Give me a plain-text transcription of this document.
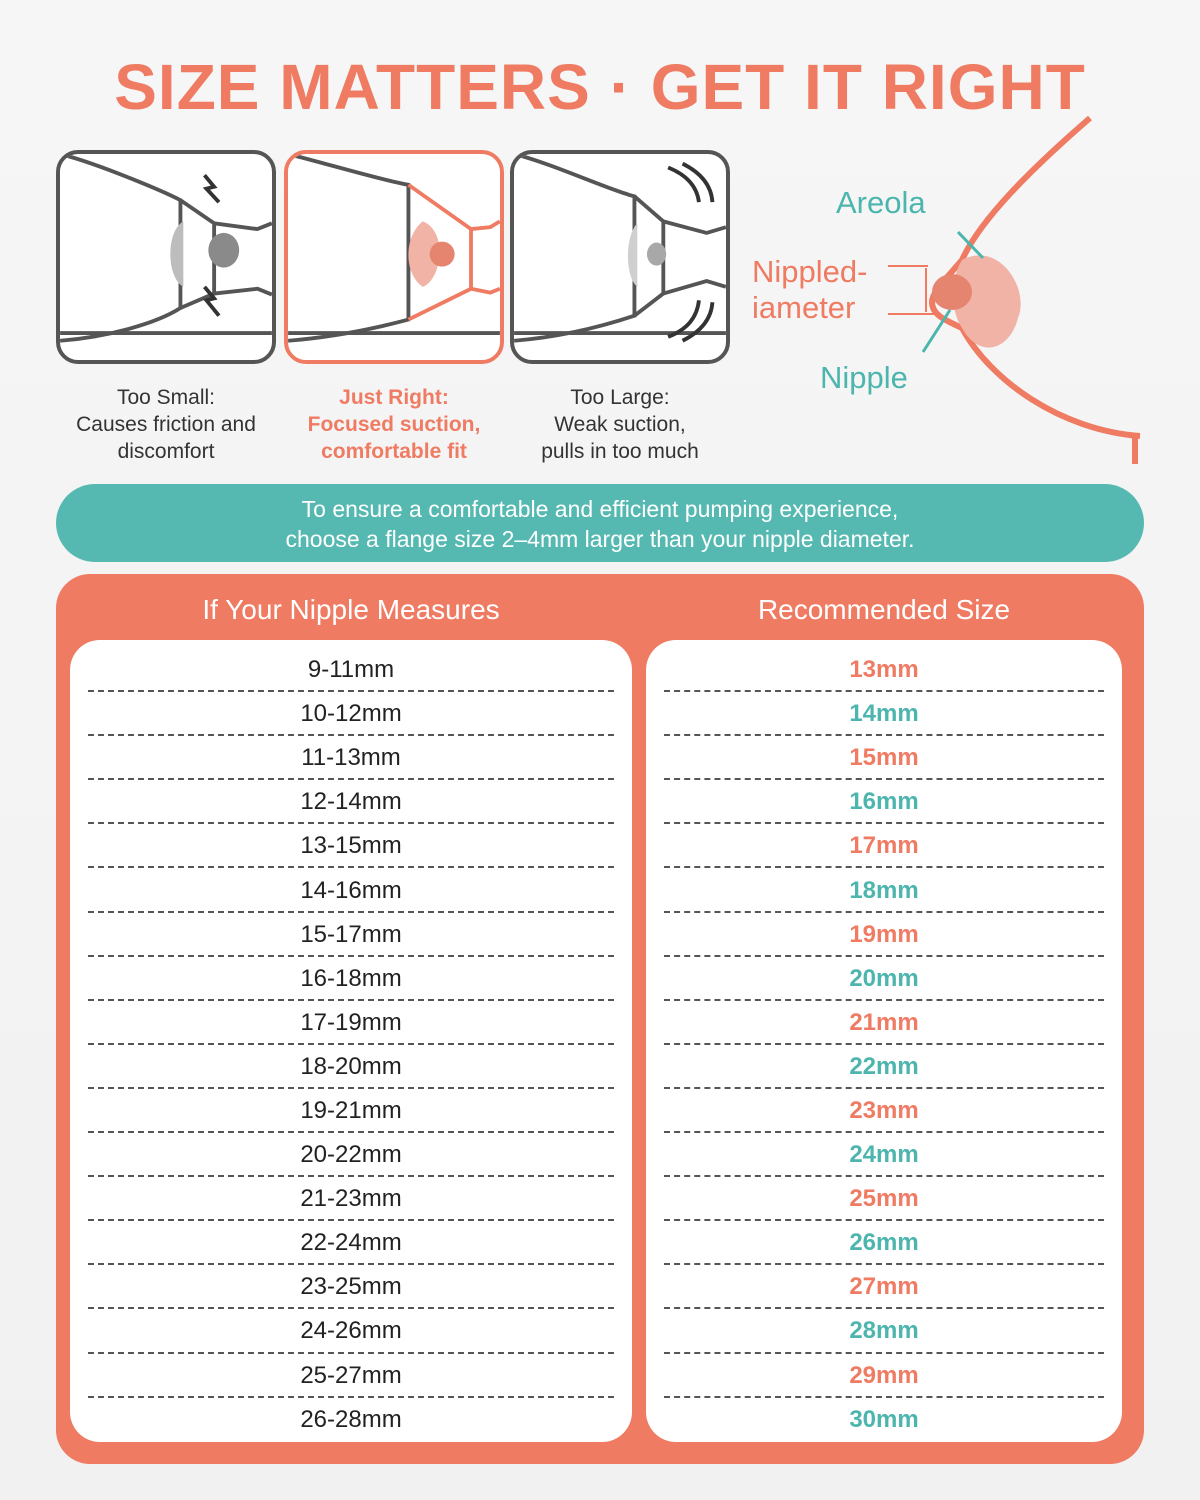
SIZE MATTERS · GET IT RIGHT
Too Small:
Causes friction and
discomfort
Just Right:
Focused suction,
comfortable fit
Too Large:
Weak suction,
pulls in too much
Areola
Nippled-
iameter
Nipple
To ensure a comfortable and efficient pumping experience,
choose a flange size 2–4mm larger than your nipple diameter.
If Your Nipple Measures	Recommended Size
9-11mm
10-12mm
11-13mm
12-14mm
13-15mm
14-16mm
15-17mm
16-18mm
17-19mm
18-20mm
19-21mm
20-22mm
21-23mm
22-24mm
23-25mm
24-26mm
25-27mm
26-28mm
13mm
14mm
15mm
16mm
17mm
18mm
19mm
20mm
21mm
22mm
23mm
24mm
25mm
26mm
27mm
28mm
29mm
30mm
